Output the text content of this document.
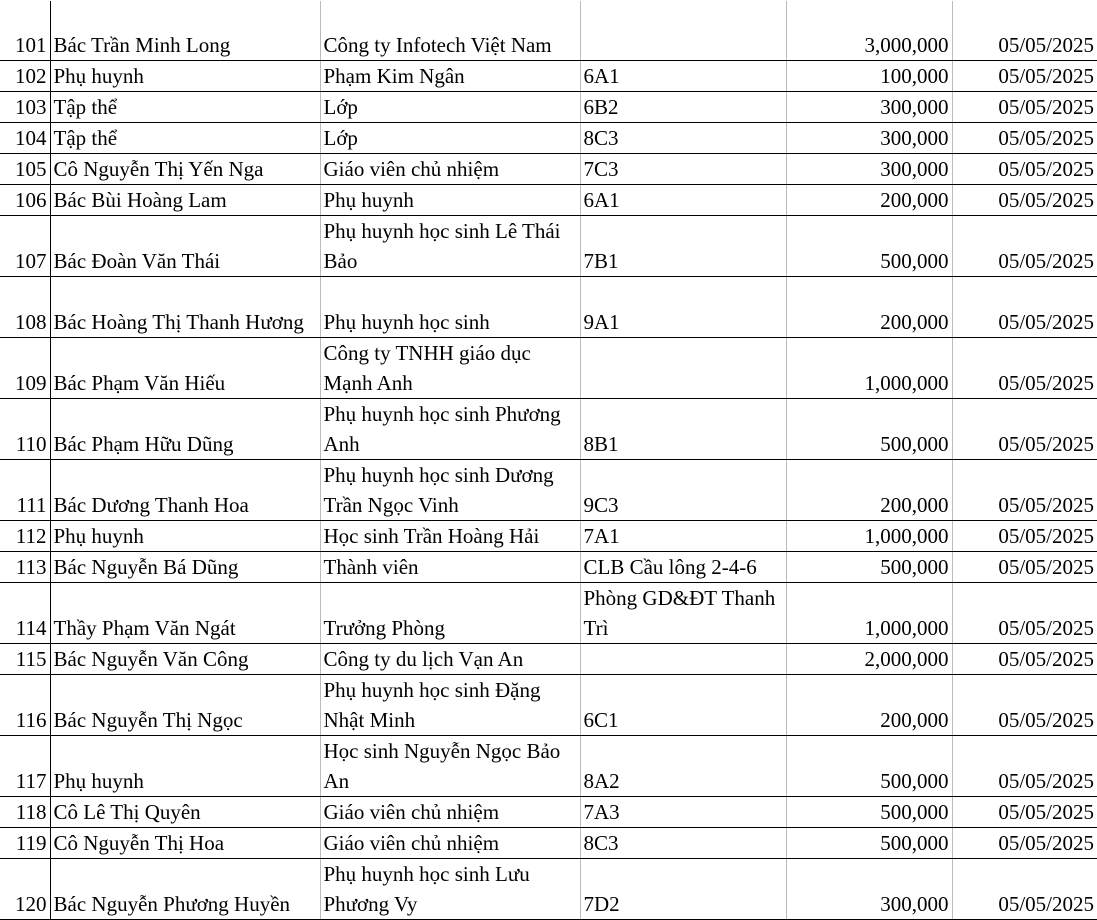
101	Bác Trần Minh Long	Công ty Infotech Việt Nam		3,000,000	05/05/2025
102	Phụ huynh	Phạm Kim Ngân	6A1	100,000	05/05/2025
103	Tập thể	Lớp	6B2	300,000	05/05/2025
104	Tập thể	Lớp	8C3	300,000	05/05/2025
105	Cô Nguyễn Thị Yến Nga	Giáo viên chủ nhiệm	7C3	300,000	05/05/2025
106	Bác Bùi Hoàng Lam	Phụ huynh	6A1	200,000	05/05/2025
107	Bác Đoàn Văn Thái	Phụ huynh học sinh Lê Thái Bảo	7B1	500,000	05/05/2025
108	Bác Hoàng Thị Thanh Hương	Phụ huynh học sinh	9A1	200,000	05/05/2025
109	Bác Phạm Văn Hiếu	Công ty TNHH giáo dục Mạnh Anh		1,000,000	05/05/2025
110	Bác Phạm Hữu Dũng	Phụ huynh học sinh Phương Anh	8B1	500,000	05/05/2025
111	Bác Dương Thanh Hoa	Phụ huynh học sinh Dương Trần Ngọc Vinh	9C3	200,000	05/05/2025
112	Phụ huynh	Học sinh Trần Hoàng Hải	7A1	1,000,000	05/05/2025
113	Bác Nguyễn Bá Dũng	Thành viên	CLB Cầu lông 2-4-6	500,000	05/05/2025
114	Thầy Phạm Văn Ngát	Trưởng Phòng	Phòng GD&ĐT Thanh Trì	1,000,000	05/05/2025
115	Bác Nguyễn Văn Công	Công ty du lịch Vạn An		2,000,000	05/05/2025
116	Bác Nguyễn Thị Ngọc	Phụ huynh học sinh Đặng Nhật Minh	6C1	200,000	05/05/2025
117	Phụ huynh	Học sinh Nguyễn Ngọc Bảo An	8A2	500,000	05/05/2025
118	Cô Lê Thị Quyên	Giáo viên chủ nhiệm	7A3	500,000	05/05/2025
119	Cô Nguyễn Thị Hoa	Giáo viên chủ nhiệm	8C3	500,000	05/05/2025
120	Bác Nguyễn Phương Huyền	Phụ huynh học sinh Lưu Phương Vy	7D2	300,000	05/05/2025
